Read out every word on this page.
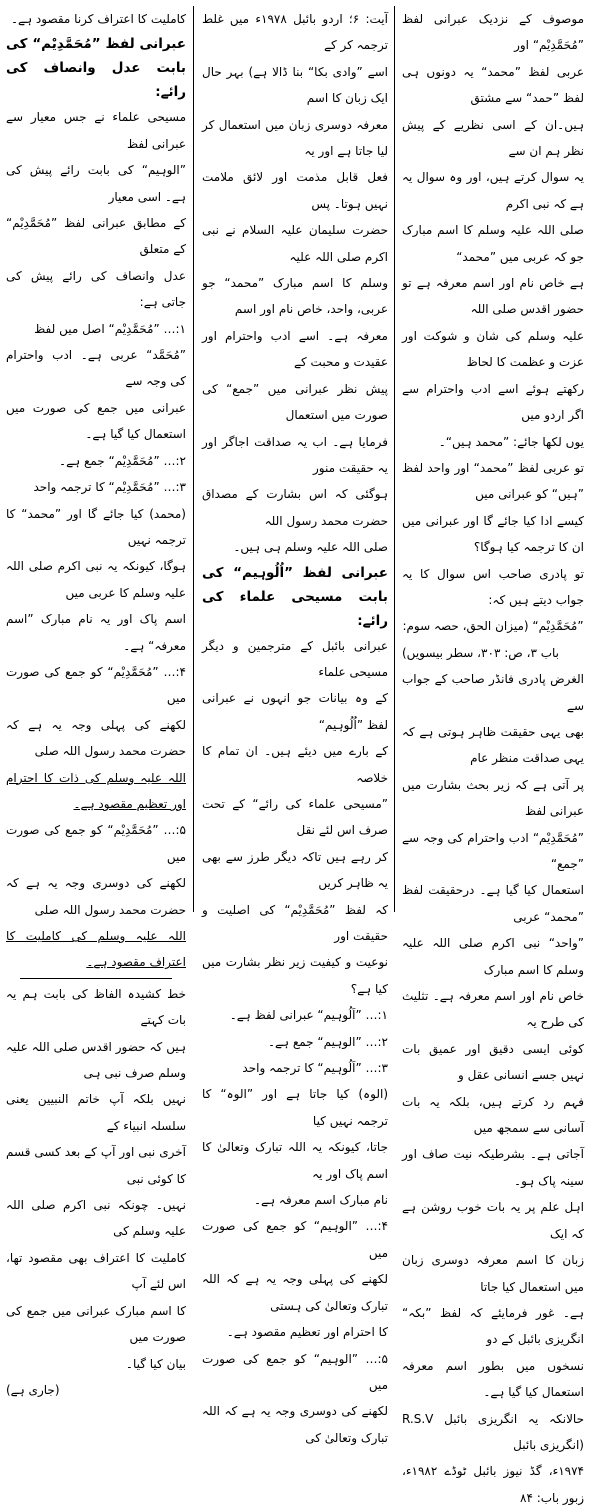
موصوف کے نزدیک عبرانی لفظ ”مُحَمَّدِیْم“ اور

عربی لفظ ”محمد“ یہ دونوں ہی لفظ ”حمد“ سے مشتق

ہیں۔ان کے اسی نظریے کے پیش نظر ہم ان سے

یہ سوال کرتے ہیں، اور وہ سوال یہ ہے کہ نبی اکرم

صلی اللہ علیہ وسلم کا اسم مبارک جو کہ عربی میں ”محمد“

ہے خاص نام اور اسم معرفہ ہے تو حضور اقدس صلی اللہ

علیہ وسلم کی شان و شوکت اور عزت و عظمت کا لحاظ

رکھتے ہوئے اسے ادب واحترام سے اگر اردو میں

یوں لکھا جائے: ”محمد ہیں“۔

تو عربی لفظ ”محمد“ اور واحد لفظ ”ہیں“ کو عبرانی میں

کیسے ادا کیا جائے گا اور عبرانی میں ان کا ترجمہ کیا ہوگا؟

تو پادری صاحب اس سوال کا یہ جواب دیتے ہیں کہ:

”مُحَمَّدِیْم“ (میزان الحق، حصہ سوم:

باب ۳، ص: ۳۰۳، سطر بیسویں)

الغرض پادری فانڈر صاحب کے جواب سے

بھی یہی حقیقت ظاہر ہوتی ہے کہ یہی صداقت منظر عام

پر آتی ہے کہ زیر بحث بشارت میں عبرانی لفظ

”مُحَمَّدِیْم“ ادب واحترام کی وجہ سے ”جمع“

استعمال کیا گیا ہے۔ درحقیقت لفظ ”محمد“ عربی

”واحد“ نبی اکرم صلی اللہ علیہ وسلم کا اسم مبارک

خاص نام اور اسم معرفہ ہے۔ تثلیث کی طرح یہ

کوئی ایسی دقیق اور عمیق بات نہیں جسے انسانی عقل و

فہم رد کرتے ہیں، بلکہ یہ بات آسانی سے سمجھ میں

آجاتی ہے۔ بشرطیکہ نیت صاف اور سینہ پاک ہو۔

اہل علم پر یہ بات خوب روشن ہے کہ ایک

زبان کا اسم معرفہ دوسری زبان میں استعمال کیا جاتا

ہے۔ غور فرمایئے کہ لفظ ”بکہ“ انگریزی بائبل کے دو

نسخوں میں بطور اسم معرفہ استعمال کیا گیا ہے۔

حالانکہ یہ انگریزی بائبل R.S.V (انگریزی بائبل

۱۹۷۴ء، گڈ نیوز بائبل ٹوڈے ۱۹۸۲ء، زبور باب: ۸۴

آیت: ۶؛ اردو بائبل ۱۹۷۸ء میں غلط ترجمہ کر کے

اسے ”وادی بکا“ بنا ڈالا ہے) بہر حال ایک زبان کا اسم

معرفہ دوسری زبان میں استعمال کر لیا جاتا ہے اور یہ

فعل قابل مذمت اور لائق ملامت نہیں ہوتا۔ پس

حضرت سلیمان علیہ السلام نے نبی اکرم صلی اللہ علیہ

وسلم کا اسم مبارک ”محمد“ جو عربی، واحد، خاص نام اور اسم

معرفہ ہے۔ اسے ادب واحترام اور عقیدت و محبت کے

پیش نظر عبرانی میں ”جمع“ کی صورت میں استعمال

فرمایا ہے۔ اب یہ صداقت اجاگر اور یہ حقیقت منور

ہوگئی کہ اس بشارت کے مصداق حضرت محمد رسول اللہ

صلی اللہ علیہ وسلم ہی ہیں۔

عبرانی لفظ ”اُلُوہیم“ کی بابت مسیحی علماء کی رائے:

عبرانی بائبل کے مترجمین و دیگر مسیحی علماء

کے وہ بیانات جو انہوں نے عبرانی لفظ ”اُلُوہیم“

کے بارے میں دیئے ہیں۔ ان تمام کا خلاصہ

”مسیحی علماء کی رائے“ کے تحت صرف اس لئے نقل

کر رہے ہیں تاکہ دیگر طرز سے بھی یہ ظاہر کریں

کہ لفظ ”مُحَمَّدِیْم“ کی اصلیت و حقیقت اور

نوعیت و کیفیت زیر نظر بشارت میں کیا ہے؟

۱:… ”اَلُوہیم“ عبرانی لفظ ہے۔

۲:… ”الوہیم“ جمع ہے۔

۳:… ”اَلُوہیم“ کا ترجمہ واحد

(الوہ) کیا جاتا ہے اور ”الوہ“ کا ترجمہ نہیں کیا

جاتا، کیونکہ یہ اللہ تبارک وتعالیٰ کا اسم پاک اور یہ

نام مبارک اسم معرفہ ہے۔

۴:… ”الوہیم“ کو جمع کی صورت میں

لکھنے کی پہلی وجہ یہ ہے کہ اللہ تبارک وتعالیٰ کی ہستی

کا احترام اور تعظیم مقصود ہے۔

۵:… ”الوہیم“ کو جمع کی صورت میں

لکھنے کی دوسری وجہ یہ ہے کہ اللہ تبارک وتعالیٰ کی

کاملیت کا اعتراف کرنا مقصود ہے۔

عبرانی لفظ ”مُحَمَّدِیْم“ کی بابت عدل وانصاف کی رائے:

مسیحی علماء نے جس معیار سے عبرانی لفظ

”الوہیم“ کی بابت رائے پیش کی ہے۔ اسی معیار

کے مطابق عبرانی لفظ ”مُحَمَّدِیْم“ کے متعلق

عدل وانصاف کی رائے پیش کی جاتی ہے:

۱:… ”مُحَمَّدِیْم“ اصل میں لفظ

”مُحَمَّد“ عربی ہے۔ ادب واحترام کی وجہ سے

عبرانی میں جمع کی صورت میں استعمال کیا گیا ہے۔

۲:… ”مُحَمَّدِیْم“ جمع ہے۔

۳:… ”مُحَمَّدِیْم“ کا ترجمہ واحد

(محمد) کیا جائے گا اور ”محمد“ کا ترجمہ نہیں

ہوگا، کیونکہ یہ نبی اکرم صلی اللہ علیہ وسلم کا عربی میں

اسم پاک اور یہ نام مبارک ”اسم معرفہ“ ہے۔

۴:… ”مُحَمَّدِیْم“ کو جمع کی صورت میں

لکھنے کی پہلی وجہ یہ ہے کہ حضرت محمد رسول اللہ صلی

اللہ علیہ وسلم کی ذات کا احترام اور تعظیم مقصود ہے۔

۵:… ”مُحَمَّدِیْم“ کو جمع کی صورت میں

لکھنے کی دوسری وجہ یہ ہے کہ حضرت محمد رسول اللہ صلی

اللہ علیہ وسلم کی کاملیت کا اعتراف مقصود ہے۔

خط کشیدہ الفاظ کی بابت ہم یہ بات کہتے

ہیں کہ حضور اقدس صلی اللہ علیہ وسلم صرف نبی ہی

نہیں بلکہ آپ خاتم النبیین یعنی سلسلہ انبیاء کے

آخری نبی اور آپ کے بعد کسی قسم کا کوئی نبی

نہیں۔ چونکہ نبی اکرم صلی اللہ علیہ وسلم کی

کاملیت کا اعتراف بھی مقصود تھا، اس لئے آپ

کا اسم مبارک عبرانی میں جمع کی صورت میں

بیان کیا گیا۔

(جاری ہے)
